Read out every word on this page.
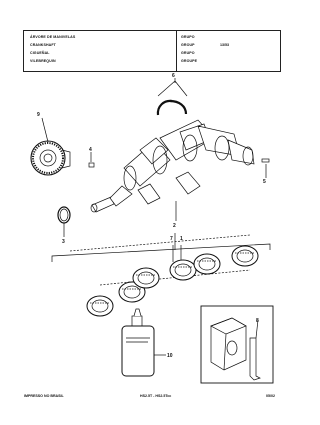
ÁRVORE DE MANIVELAS
CRANKSHAFT
CIGUEÑAL
VILEBREQUIN
GRUPO
GROUP	13/53
GRUPO
GROUPE
6
9
4
5
2
3	7 1
8
10
IMPRESSO NO BRASIL	HS2.5T - HS2.5Tcc	05/02
